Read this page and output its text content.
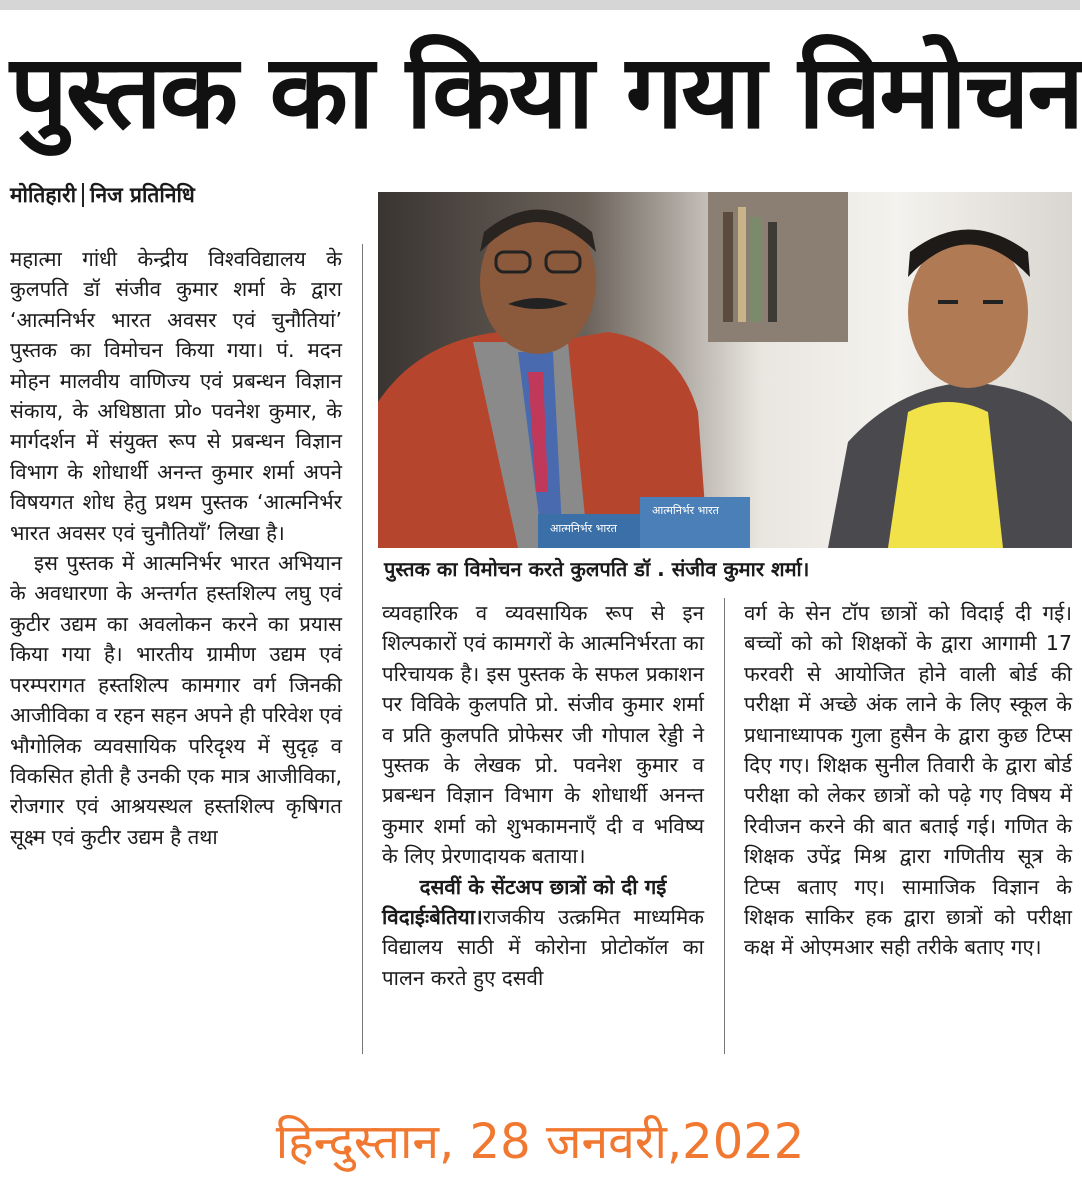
पुस्तक का किया गया विमोचन
मोतिहारी निज प्रतिनिधि
आत्मनिर्भर भारत
आत्मनिर्भर भारत
पुस्तक का विमोचन करते कुलपति डॉ . संजीव कुमार शर्मा।

महात्मा गांधी केन्द्रीय विश्वविद्यालय के कुलपति डॉ संजीव कुमार शर्मा के द्वारा ‘आत्मनिर्भर भारत अवसर एवं चुनौतियां’ पुस्तक का विमोचन किया गया। पं. मदन मोहन मालवीय वाणिज्य एवं प्रबन्धन विज्ञान संकाय, के अधिष्ठाता प्रो० पवनेश कुमार, के मार्गदर्शन में संयुक्त रूप से प्रबन्धन विज्ञान विभाग के शोधार्थी अनन्त कुमार शर्मा अपने विषयगत शोध हेतु प्रथम पुस्तक ‘आत्मनिर्भर भारत अवसर एवं चुनौतियाँ’ लिखा है।

इस पुस्तक में आत्मनिर्भर भारत अभियान के अवधारणा के अन्तर्गत हस्तशिल्प लघु एवं कुटीर उद्यम का अवलोकन करने का प्रयास किया गया है। भारतीय ग्रामीण उद्यम एवं परम्परागत हस्तशिल्प कामगार वर्ग जिनकी आजीविका व रहन सहन अपने ही परिवेश एवं भौगोलिक व्यवसायिक परिदृश्य में सुदृढ़ व विकसित होती है उनकी एक मात्र आजीविका, रोजगार एवं आश्रयस्थल हस्तशिल्प कृषिगत सूक्ष्म एवं कुटीर उद्यम है तथा

व्यवहारिक व व्यवसायिक रूप से इन शिल्पकारों एवं कामगरों के आत्मनिर्भरता का परिचायक है। इस पुस्तक के सफल प्रकाशन पर विविके कुलपति प्रो. संजीव कुमार शर्मा व प्रति कुलपति प्रोफेसर जी गोपाल रेड्डी ने पुस्तक के लेखक प्रो. पवनेश कुमार व प्रबन्धन विज्ञान विभाग के शोधार्थी अनन्त कुमार शर्मा को शुभकामनाएँ दी व भविष्य के लिए प्रेरणादायक बताया।

दसवीं के सेंटअप छात्रों को दी गई

विदाईःबेतिया।राजकीय उत्क्रमित माध्यमिक विद्यालय साठी में कोरोना प्रोटोकॉल का पालन करते हुए दसवी

वर्ग के सेन टॉप छात्रों को विदाई दी गई। बच्चों को को शिक्षकों के द्वारा आगामी 17 फरवरी से आयोजित होने वाली बोर्ड की परीक्षा में अच्छे अंक लाने के लिए स्कूल के प्रधानाध्यापक गुला हुसैन के द्वारा कुछ टिप्स दिए गए। शिक्षक सुनील तिवारी के द्वारा बोर्ड परीक्षा को लेकर छात्रों को पढ़े गए विषय में रिवीजन करने की बात बताई गई। गणित के शिक्षक उपेंद्र मिश्र द्वारा गणितीय सूत्र के टिप्स बताए गए। सामाजिक विज्ञान के शिक्षक साकिर हक द्वारा छात्रों को परीक्षा कक्ष में ओएमआर सही तरीके बताए गए।

हिन्दुस्तान, 28 जनवरी,2022
